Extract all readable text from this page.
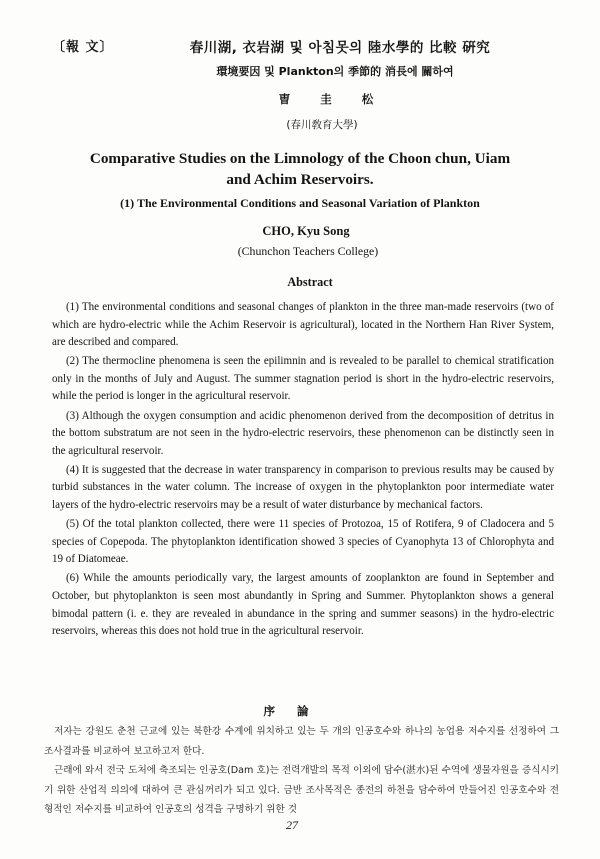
〔報 文〕	春川湖, 衣岩湖 및 아침못의 陸水學的 比較 硏究
環境要因 및 Plankton의 季節的 消長에 關하여
曺 圭 松
(春川敎育大學)
Comparative Studies on the Limnology of the Choon chun, Uiam
and Achim Reservoirs.
(1) The Environmental Conditions and Seasonal Variation of Plankton
CHO, Kyu Song
(Chunchon Teachers College)
Abstract

(1) The environmental conditions and seasonal changes of plankton in the three man-made reservoirs (two of which are hydro-electric while the Achim Reservoir is agricultural), located in the Northern Han River System, are described and compared.

(2) The thermocline phenomena is seen the epilimnin and is revealed to be parallel to chemical stratification only in the months of July and August. The summer stagnation period is short in the hydro-electric reservoirs, while the period is longer in the agricultural reservoir.

(3) Although the oxygen consumption and acidic phenomenon derived from the decomposition of detritus in the bottom substratum are not seen in the hydro-electric reservoirs, these phenomenon can be distinctly seen in the agricultural reservoir.

(4) It is suggested that the decrease in water transparency in comparison to previous results may be caused by turbid substances in the water column. The increase of oxygen in the phytoplankton poor intermediate water layers of the hydro-electric reservoirs may be a result of water disturbance by mechanical factors.

(5) Of the total plankton collected, there were 11 species of Protozoa, 15 of Rotifera, 9 of Cladocera and 5 species of Copepoda. The phytoplankton identification showed 3 species of Cyanophyta 13 of Chlorophyta and 19 of Diatomeae.

(6) While the amounts periodically vary, the largest amounts of zooplankton are found in September and October, but phytoplankton is seen most abundantly in Spring and Summer. Phytoplankton shows a general bimodal pattern (i. e. they are revealed in abundance in the spring and summer seasons) in the hydro-electric reservoirs, whereas this does not hold true in the agricultural reservoir.

序 論

저자는 강원도 춘천 근교에 있는 북한강 수계에 위치하고 있는 두 개의 인공호수와 하나의 농업용 저수지를 선정하여 그 조사결과를 비교하여 보고하고저 한다.

근래에 와서 전국 도처에 축조되는 인공호(Dam 호)는 전력개발의 목적 이외에 담수(湛水)된 수역에 생물자원을 증식시키기 위한 산업적 의의에 대하여 큰 관심꺼리가 되고 있다. 금반 조사목적은 종전의 하천을 담수하여 만들어진 인공호수와 전형적인 저수지를 비교하여 인공호의 성격을 구명하기 위한 것

27
